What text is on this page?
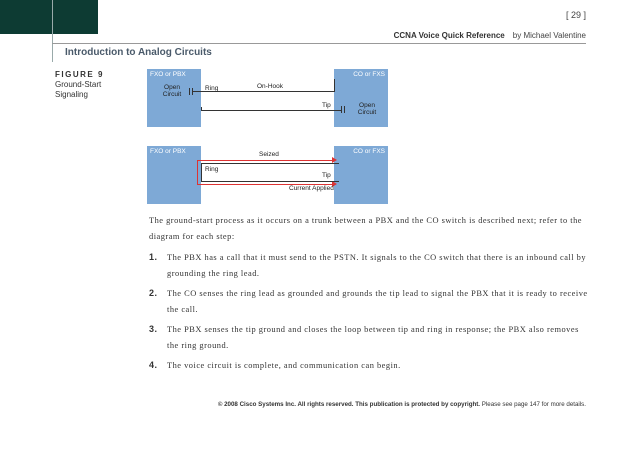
[ 29 ]
CCNA Voice Quick Reference by Michael Valentine
Introduction to Analog Circuits
FIGURE 9
Ground-Start Signaling
FXO or PBX	CO or FXS
Open Circuit
Ring	On-Hook
Tip	Open Circuit
FXO or PBX	CO or FXS
Seized
Ring
Tip
Current Applied

The ground-start process as it occurs on a trunk between a PBX and the CO switch is described next; refer to the diagram for each step:

1. The PBX has a call that it must send to the PSTN. It signals to the CO switch that there is an inbound call by grounding the ring lead.
2. The CO senses the ring lead as grounded and grounds the tip lead to signal the PBX that it is ready to receive the call.
3. The PBX senses the tip ground and closes the loop between tip and ring in response; the PBX also removes the ring ground.
4. The voice circuit is complete, and communication can begin.
© 2008 Cisco Systems Inc. All rights reserved. This publication is protected by copyright. Please see page 147 for more details.
